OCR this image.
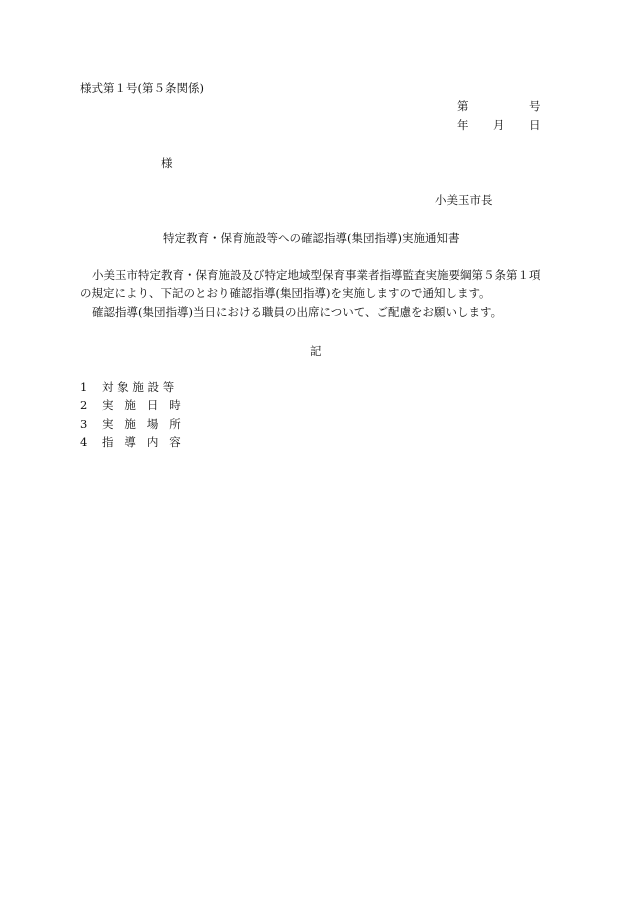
様式第１号(第５条関係)
第	号
年 月 日
様
小美玉市長
特定教育・保育施設等への確認指導(集団指導)実施通知書
小美玉市特定教育・保育施設及び特定地域型保育事業者指導監査実施要綱第５条第１項
の規定により、下記のとおり確認指導(集団指導)を実施しますので通知します。
確認指導(集団指導)当日における職員の出席について、ご配慮をお願いします。
記
1 対象施設等
2 実施日時
3 実施場所
4 指導内容
